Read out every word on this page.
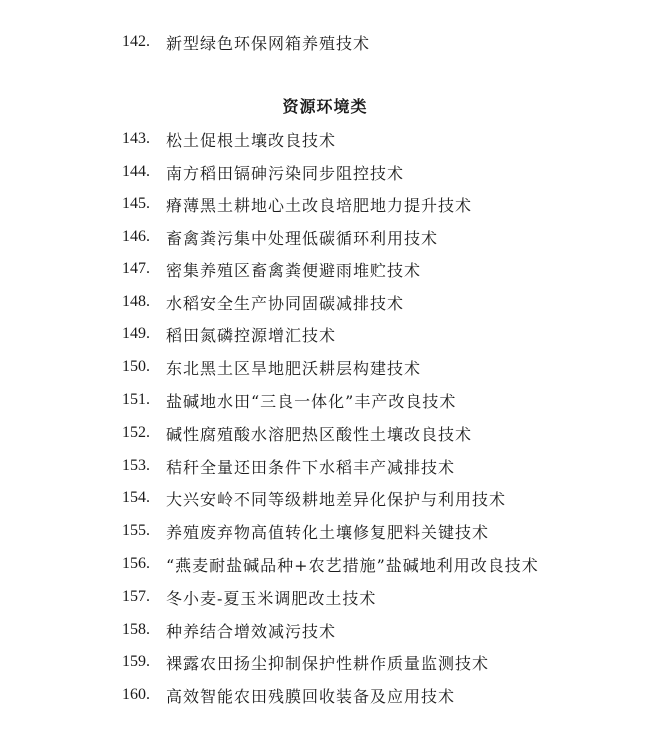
142.	新型绿色环保网箱养殖技术
资源环境类
143.	松土促根土壤改良技术
144.	南方稻田镉砷污染同步阻控技术
145.	瘠薄黑土耕地心土改良培肥地力提升技术
146.	畜禽粪污集中处理低碳循环利用技术
147.	密集养殖区畜禽粪便避雨堆贮技术
148.	水稻安全生产协同固碳减排技术
149.	稻田氮磷控源增汇技术
150.	东北黑土区旱地肥沃耕层构建技术
151.	盐碱地水田“三良一体化”丰产改良技术
152.	碱性腐殖酸水溶肥热区酸性土壤改良技术
153.	秸秆全量还田条件下水稻丰产减排技术
154.	大兴安岭不同等级耕地差异化保护与利用技术
155.	养殖废弃物高值转化土壤修复肥料关键技术
156.	“燕麦耐盐碱品种+农艺措施”盐碱地利用改良技术
157.	冬小麦-夏玉米调肥改土技术
158.	种养结合增效减污技术
159.	裸露农田扬尘抑制保护性耕作质量监测技术
160.	高效智能农田残膜回收装备及应用技术
